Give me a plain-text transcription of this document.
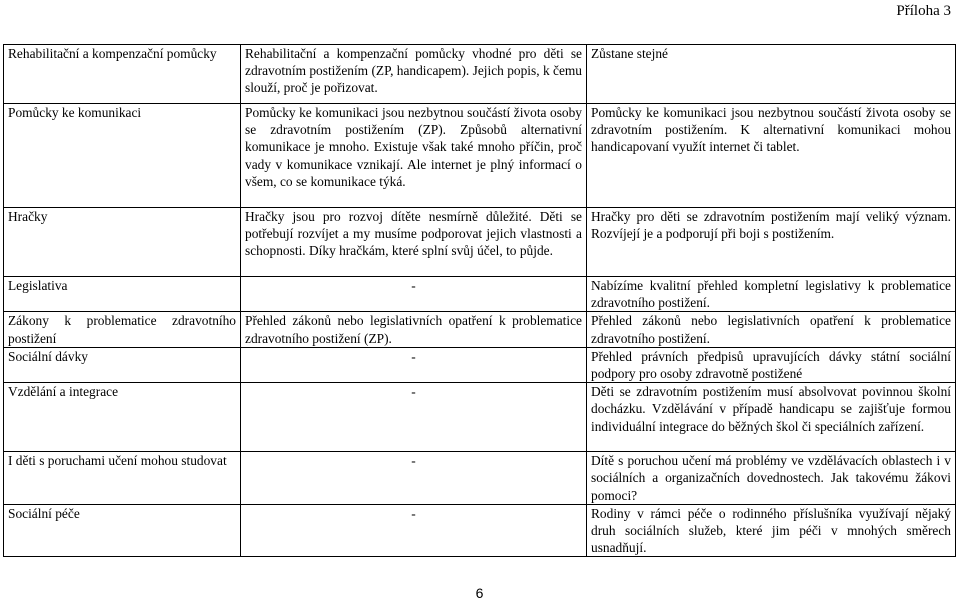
Příloha 3
Rehabilitační a kompenzační pomůcky	Rehabilitační a kompenzační pomůcky vhodné pro děti se zdravotním postižením (ZP, handicapem). Jejich popis, k čemu slouží, proč je pořizovat.	Zůstane stejné
Pomůcky ke komunikaci	Pomůcky ke komunikaci jsou nezbytnou součástí života osoby se zdravotním postižením (ZP). Způsobů alternativní komunikace je mnoho. Existuje však také mnoho příčin, proč vady v komunikace vznikají. Ale internet je plný informací o všem, co se komunikace týká.	Pomůcky ke komunikaci jsou nezbytnou součástí života osoby se zdravotním postižením. K alternativní komunikaci mohou handicapovaní využít internet či tablet.
Hračky	Hračky jsou pro rozvoj dítěte nesmírně důležité. Děti se potřebují rozvíjet a my musíme podporovat jejich vlastnosti a schopnosti. Díky hračkám, které splní svůj účel, to půjde.	Hračky pro děti se zdravotním postižením mají veliký význam. Rozvíjejí je a podporují při boji s postižením.
Legislativa	-	Nabízíme kvalitní přehled kompletní legislativy k problematice zdravotního postižení.
Zákony k problematice zdravotního postižení	Přehled zákonů nebo legislativních opatření k problematice zdravotního postižení (ZP).	Přehled zákonů nebo legislativních opatření k problematice zdravotního postižení.
Sociální dávky	-	Přehled právních předpisů upravujících dávky státní sociální podpory pro osoby zdravotně postižené
Vzdělání a integrace	-	Děti se zdravotním postižením musí absolvovat povinnou školní docházku. Vzdělávání v případě handicapu se zajišťuje formou individuální integrace do běžných škol či speciálních zařízení.
I děti s poruchami učení mohou studovat	-	Dítě s poruchou učení má problémy ve vzdělávacích oblastech i v sociálních a organizačních dovednostech. Jak takovému žákovi pomoci?
Sociální péče	-	Rodiny v rámci péče o rodinného příslušníka využívají nějaký druh sociálních služeb, které jim péči v mnohých směrech usnadňují.
6
